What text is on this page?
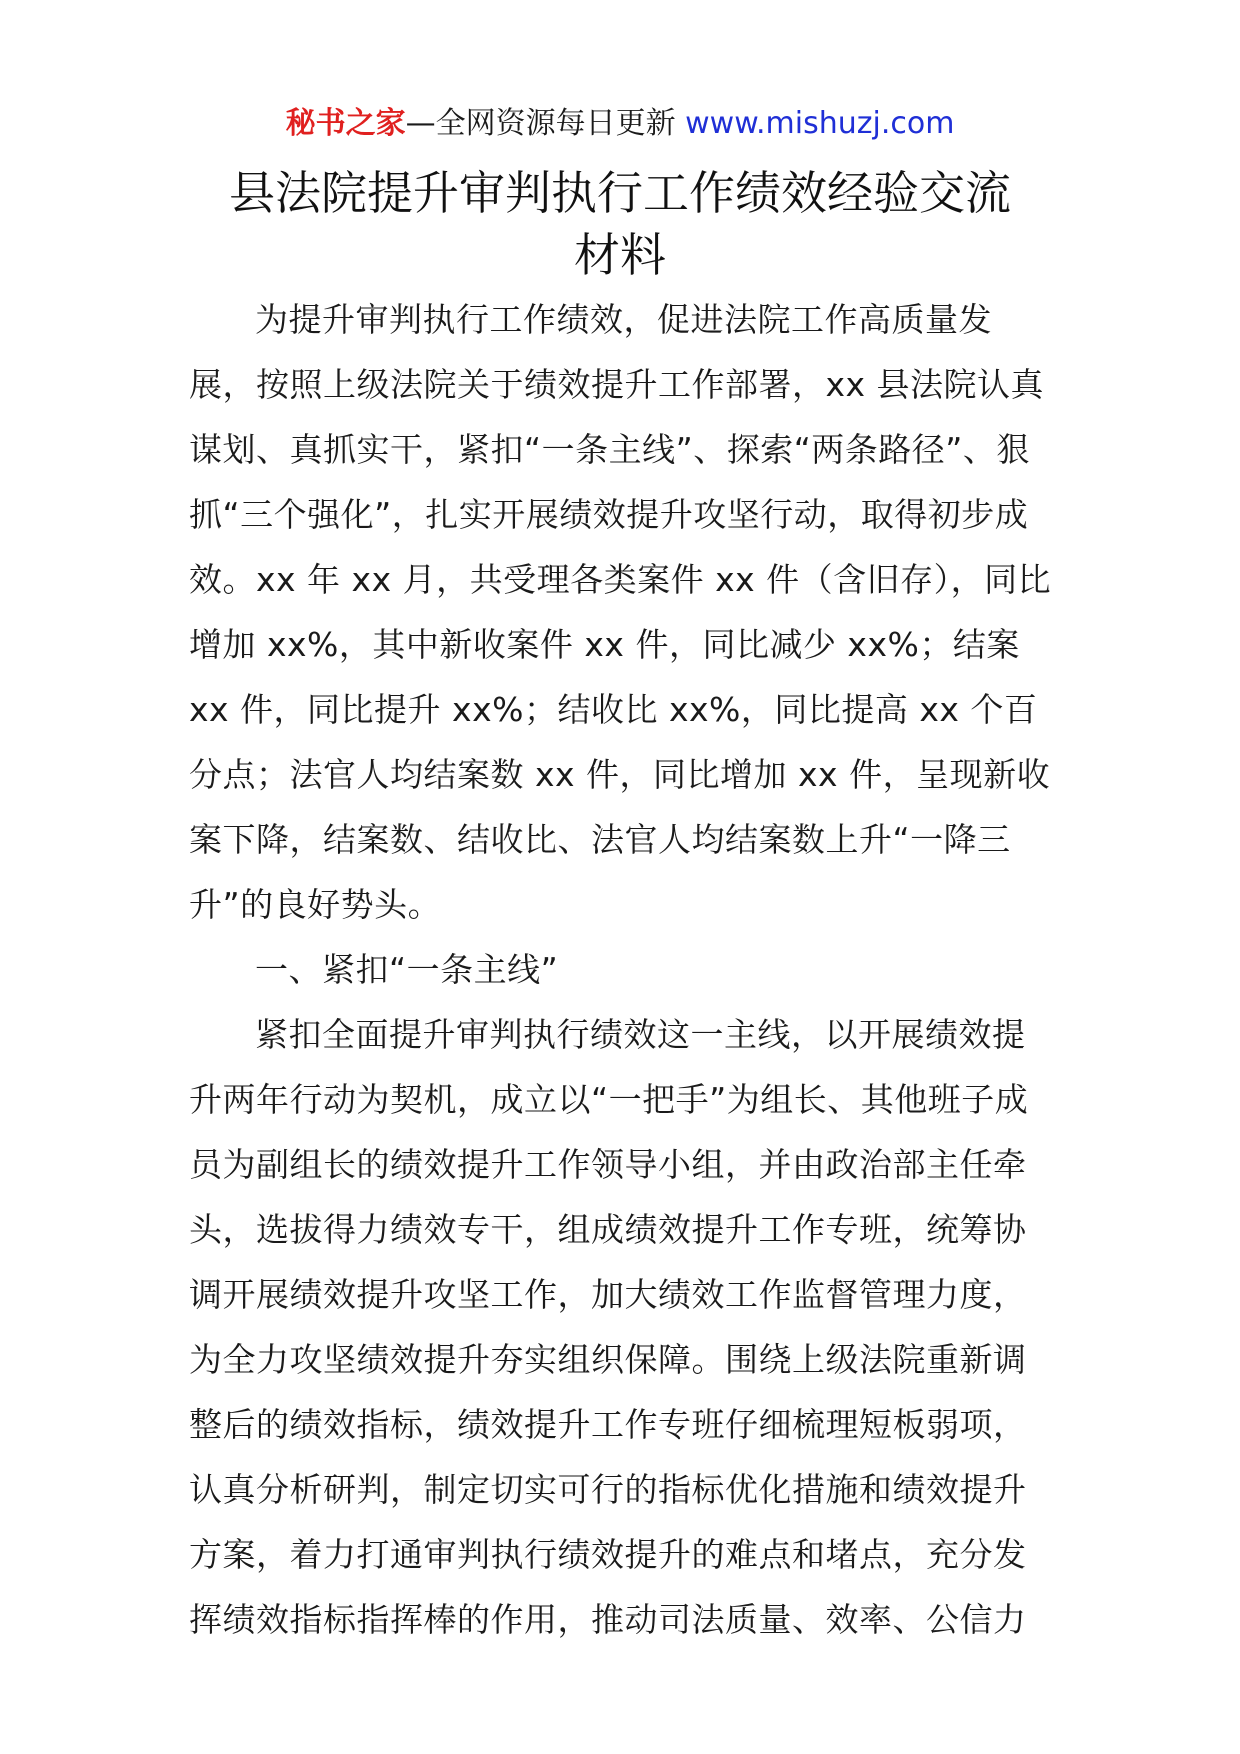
秘书之家—全网资源每日更新 www.mishuzj.com
县法院提升审判执行工作绩效经验交流
材料

为提升审判执行工作绩效，促进法院工作高质量发展，按照上级法院关于绩效提升工作部署，xx 县法院认真谋划、真抓实干，紧扣“一条主线”、探索“两条路径”、狠抓“三个强化”，扎实开展绩效提升攻坚行动，取得初步成效。xx 年 xx 月，共受理各类案件 xx 件（含旧存），同比增加 xx%，其中新收案件 xx 件，同比减少 xx%；结案 xx 件，同比提升 xx%；结收比 xx%，同比提高 xx 个百分点；法官人均结案数 xx 件，同比增加 xx 件，呈现新收案下降，结案数、结收比、法官人均结案数上升“一降三升”的良好势头。

一、紧扣“一条主线”

紧扣全面提升审判执行绩效这一主线，以开展绩效提升两年行动为契机，成立以“一把手”为组长、其他班子成员为副组长的绩效提升工作领导小组，并由政治部主任牵头，选拔得力绩效专干，组成绩效提升工作专班，统筹协调开展绩效提升攻坚工作，加大绩效工作监督管理力度，为全力攻坚绩效提升夯实组织保障。围绕上级法院重新调整后的绩效指标，绩效提升工作专班仔细梳理短板弱项，认真分析研判，制定切实可行的指标优化措施和绩效提升方案，着力打通审判执行绩效提升的难点和堵点，充分发挥绩效指标指挥棒的作用，推动司法质量、效率、公信力
